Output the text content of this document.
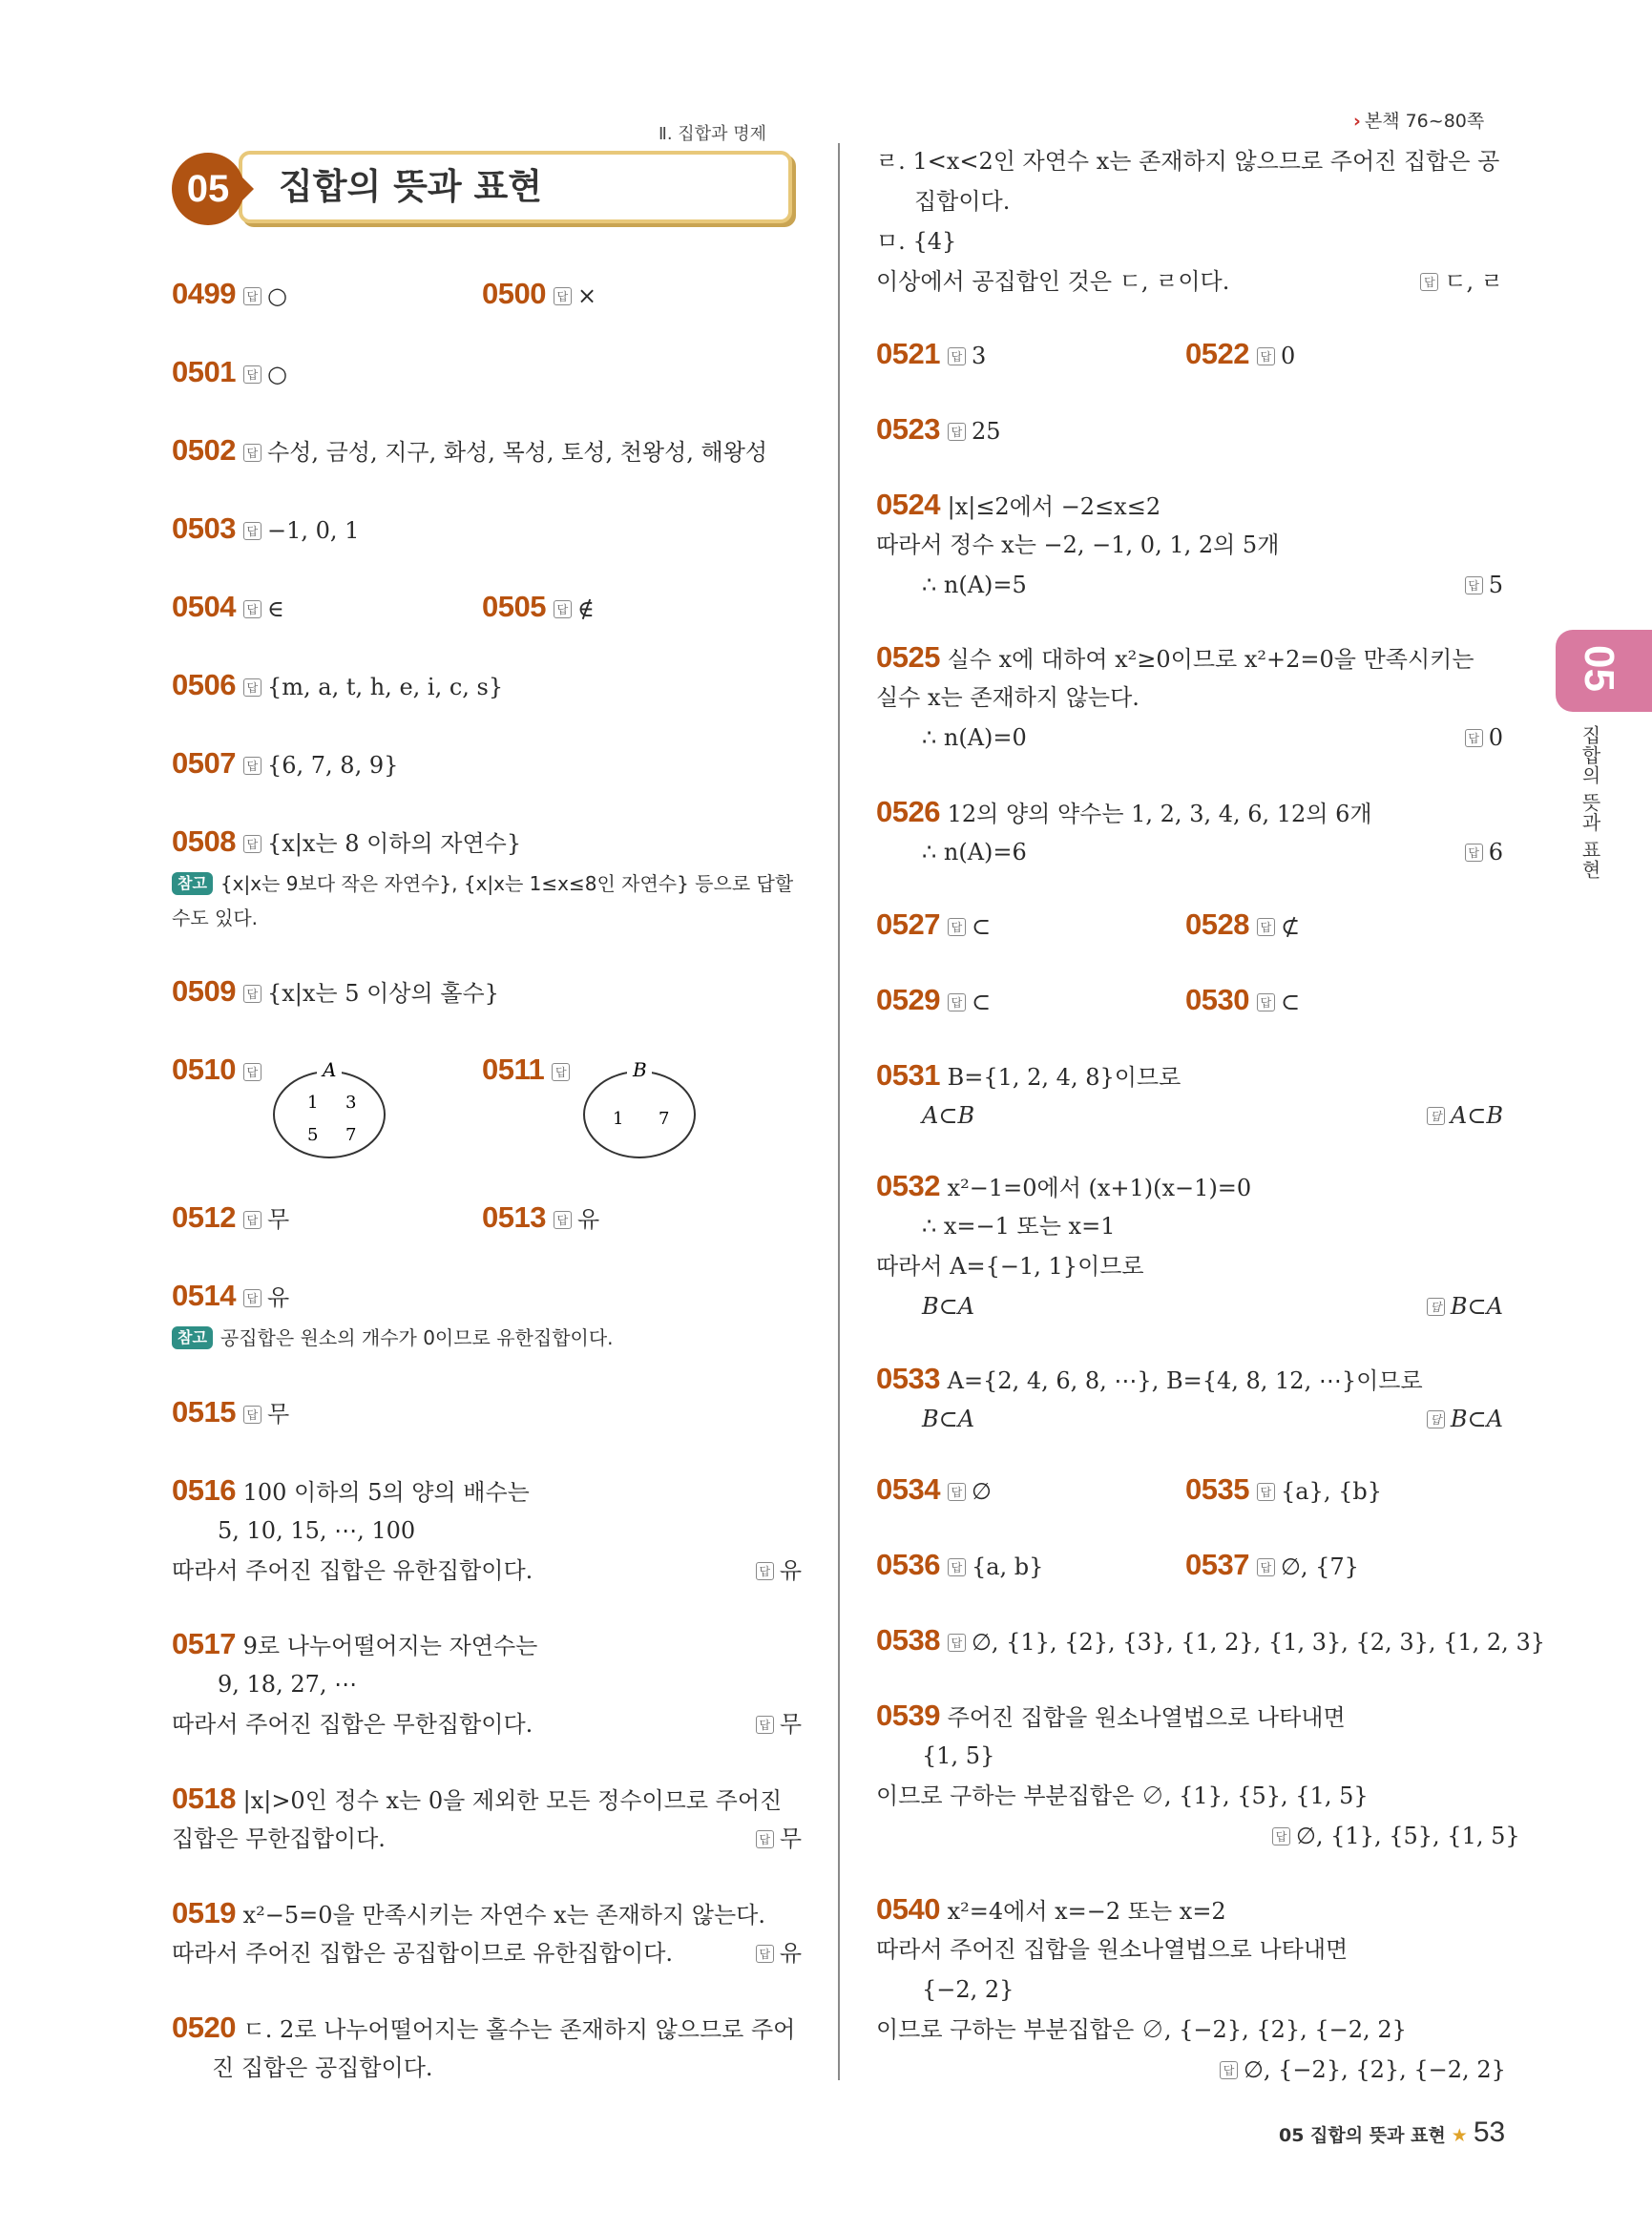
Ⅱ. 집합과 명제
05	집합의 뜻과 표현
› 본책 76~80쪽
05
집합의 뜻과 표현
0499 답 ○	0500 답 ×
0501 답 ○
0502 답 수성, 금성, 지구, 화성, 목성, 토성, 천왕성, 해왕성
0503 답 −1, 0, 1
0504 답 ∈	0505 답 ∉
0506 답 {m, a, t, h, e, i, c, s}
0507 답 {6, 7, 8, 9}
0508 답 {x|x는 8 이하의 자연수}
참고 {x|x는 9보다 작은 자연수}, {x|x는 1≤x≤8인 자연수} 등으로 답할
수도 있다.
0509 답 {x|x는 5 이상의 홀수}
0510 답	A
1 3
5 7
0511 답	B
1 7
0512 답 무	0513 답 유
0514 답 유
참고 공집합은 원소의 개수가 0이므로 유한집합이다.
0515 답 무
0516 100 이하의 5의 양의 배수는
5, 10, 15, ⋯, 100
따라서 주어진 집합은 유한집합이다. 답	유
0517 9로 나누어떨어지는 자연수는
9, 18, 27, ⋯
따라서 주어진 집합은 무한집합이다. 답	무
0518 |x|>0인 정수 x는 0을 제외한 모든 정수이므로 주어진
집합은 무한집합이다. 답	무
0519 x²−5=0을 만족시키는 자연수 x는 존재하지 않는다.
따라서 주어진 집합은 공집합이므로 유한집합이다. 답	유
0520 ㄷ. 2로 나누어떨어지는 홀수는 존재하지 않으므로 주어
진 집합은 공집합이다.
ㄹ. 1<x<2인 자연수 x는 존재하지 않으므로 주어진 집합은 공
집합이다.
ㅁ. {4}
이상에서 공집합인 것은 ㄷ, ㄹ이다. 답	ㄷ, ㄹ
0521 답 3	0522 답 0
0523 답 25
0524 |x|≤2에서 −2≤x≤2
따라서 정수 x는 −2, −1, 0, 1, 2의 5개
∴ n(A)=5 답	5
0525 실수 x에 대하여 x²≥0이므로 x²+2=0을 만족시키는
실수 x는 존재하지 않는다.
∴ n(A)=0 답	0
0526 12의 양의 약수는 1, 2, 3, 4, 6, 12의 6개
∴ n(A)=6 답	6
0527 답 ⊂	0528 답 ⊄
0529 답 ⊂	0530 답 ⊂
0531 B={1, 2, 4, 8}이므로
A⊂B 답	A⊂B
0532 x²−1=0에서 (x+1)(x−1)=0
∴ x=−1 또는 x=1
따라서 A={−1, 1}이므로
B⊂A 답	B⊂A
0533 A={2, 4, 6, 8, ⋯}, B={4, 8, 12, ⋯}이므로
B⊂A 답	B⊂A
0534 답 ∅	0535 답 {a}, {b}
0536 답 {a, b}	0537 답 ∅, {7}
0538 답 ∅, {1}, {2}, {3}, {1, 2}, {1, 3}, {2, 3}, {1, 2, 3}
0539 주어진 집합을 원소나열법으로 나타내면
{1, 5}
이므로 구하는 부분집합은 ∅, {1}, {5}, {1, 5}
답∅, {1}, {5}, {1, 5}
0540 x²=4에서 x=−2 또는 x=2
따라서 주어진 집합을 원소나열법으로 나타내면
{−2, 2}
이므로 구하는 부분집합은 ∅, {−2}, {2}, {−2, 2}
답∅, {−2}, {2}, {−2, 2}
05 집합의 뜻과 표현 ★ 53
